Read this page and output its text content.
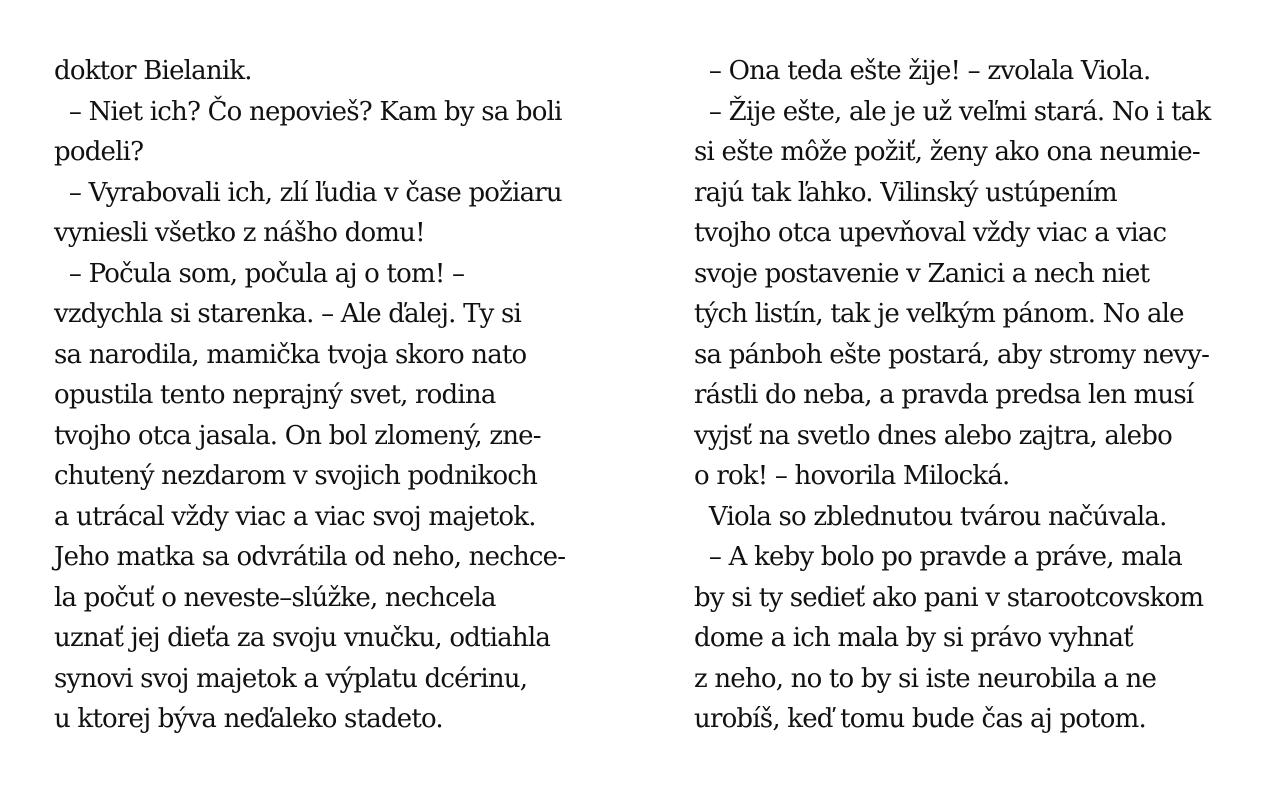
doktor Bielanik.
– Niet ich? Čo nepovieš? Kam by sa boli
podeli?
– Vyrabovali ich, zlí ľudia v čase požiaru
vyniesli všetko z nášho domu!
– Počula som, počula aj o tom! –
vzdychla si starenka. – Ale ďalej. Ty si
sa narodila, mamička tvoja skoro nato
opustila tento neprajný svet, rodina
tvojho otca jasala. On bol zlomený, zne-
chutený nezdarom v svojich podnikoch
a utrácal vždy viac a viac svoj majetok.
Jeho matka sa odvrátila od neho, nechce-
la počuť o neveste–slúžke, nechcela
uznať jej dieťa za svoju vnučku, odtiahla
synovi svoj majetok a výplatu dcérinu,
u ktorej býva neďaleko stadeto.
– Ona teda ešte žije! – zvolala Viola.
– Žije ešte, ale je už veľmi stará. No i tak
si ešte môže požiť, ženy ako ona neumie-
rajú tak ľahko. Vilinský ustúpením
tvojho otca upevňoval vždy viac a viac
svoje postavenie v Zanici a nech niet
tých listín, tak je veľkým pánom. No ale
sa pánboh ešte postará, aby stromy nevy-
rástli do neba, a pravda predsa len musí
vyjsť na svetlo dnes alebo zajtra, alebo
o rok! – hovorila Milocká.
Viola so zblednutou tvárou načúvala.
– A keby bolo po pravde a práve, mala
by si ty sedieť ako pani v starootcovskom
dome a ich mala by si právo vyhnať
z neho, no to by si iste neurobila a ne
urobíš, keď tomu bude čas aj potom.
